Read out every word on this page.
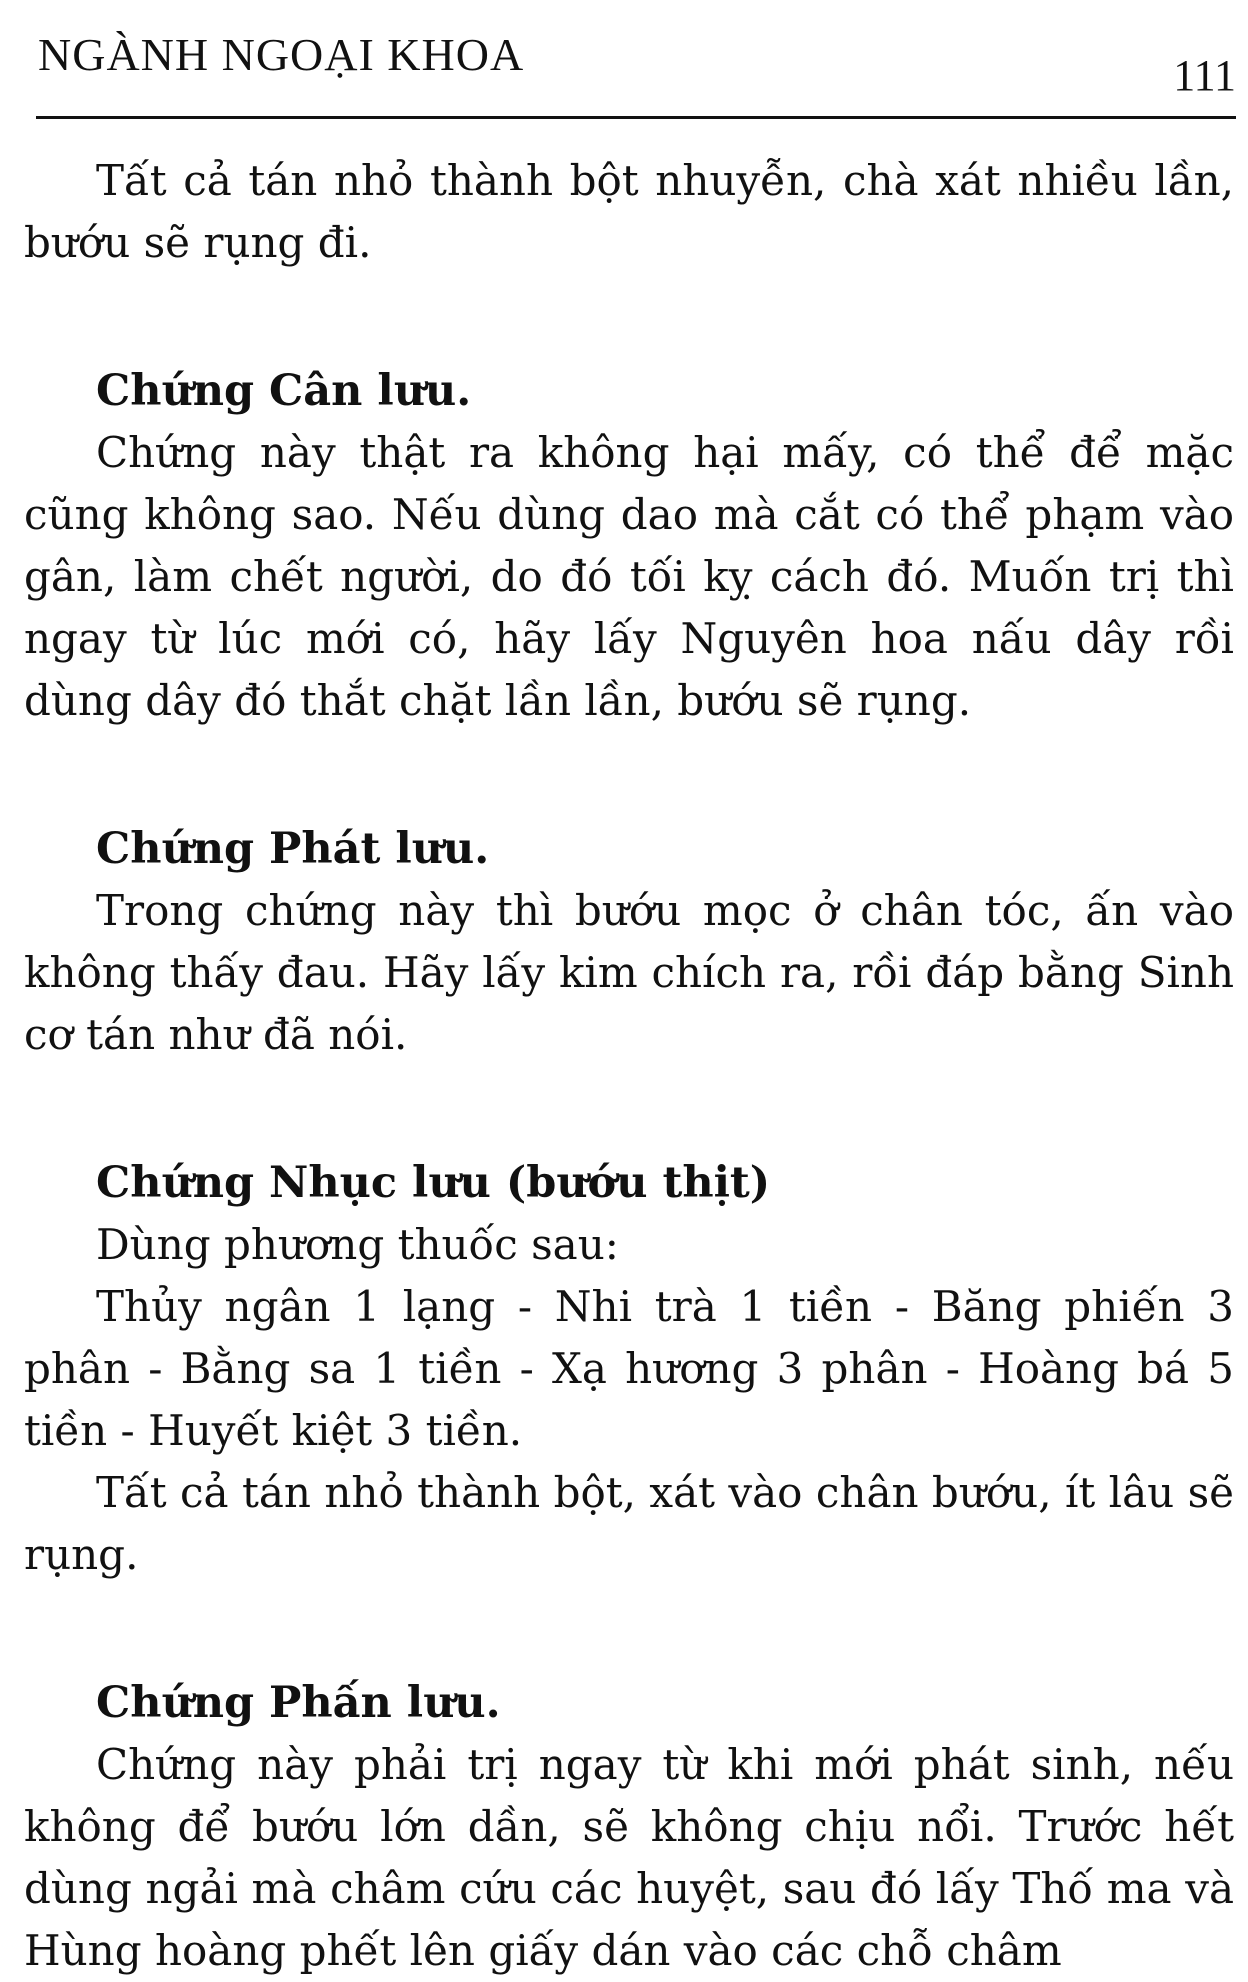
NGÀNH NGOẠI KHOA	111

Tất cả tán nhỏ thành bột nhuyễn, chà xát nhiều lần, bướu sẽ rụng đi.

Chứng Cân lưu.

Chứng này thật ra không hại mấy, có thể để mặc cũng không sao. Nếu dùng dao mà cắt có thể phạm vào gân, làm chết người, do đó tối kỵ cách đó. Muốn trị thì ngay từ lúc mới có, hãy lấy Nguyên hoa nấu dây rồi dùng dây đó thắt chặt lần lần, bướu sẽ rụng.

Chứng Phát lưu.

Trong chứng này thì bướu mọc ở chân tóc, ấn vào không thấy đau. Hãy lấy kim chích ra, rồi đáp bằng Sinh cơ tán như đã nói.

Chứng Nhục lưu (bướu thịt)

Dùng phương thuốc sau:

Thủy ngân 1 lạng - Nhi trà 1 tiền - Băng phiến 3 phân - Bằng sa 1 tiền - Xạ hương 3 phân - Hoàng bá 5 tiền - Huyết kiệt 3 tiền.

Tất cả tán nhỏ thành bột, xát vào chân bướu, ít lâu sẽ rụng.

Chứng Phấn lưu.

Chứng này phải trị ngay từ khi mới phát sinh, nếu không để bướu lớn dần, sẽ không chịu nổi. Trước hết dùng ngải mà châm cứu các huyệt, sau đó lấy Thố ma và Hùng hoàng phết lên giấy dán vào các chỗ châm
